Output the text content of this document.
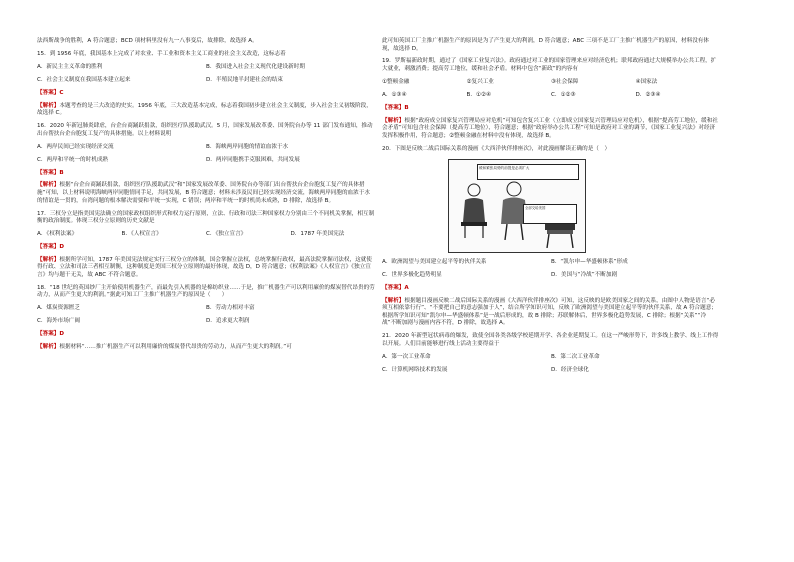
法西斯战争的胜利，A 符合题意；BCD 项材料里没有九一八事变后，故排除，故选择 A。

15．到 1956 年底，我国基本上完成了对农业、手工业和资本主义工商业的社会主义改造，这标志着

A．新民主主义革命的胜利	B．我国进入社会主义现代化建设新时期
C．社会主义制度在我国基本建立起来	D．半殖民地半封建社会的结束

【答案】C

【解析】本题考查的是三大改造的史实。1956 年底，三大改造基本完成，标志着我国初步建立社会主义制度，步入社会主义初级阶段，故选择 C。

16．2020 年新冠肺炎肆虐，台企台商踊跃捐款，组织医疗队援助武汉。5 月，国家发展改革委、国务院台办等 11 部门发布通知，推动出台帮扶台企台胞复工复产的具体措施。以上材料说明

A．两岸民间已经实现经济交流	B．海峡两岸同胞的情谊血浓于水
C．两岸和平统一的时机成熟	D．两岸同胞携手克服困难，共同发展

【答案】B

【解析】根据“台企台商踊跃捐款，组织医疗队援助武汉”和“国家发展改革委、国务院台办等部门出台帮扶台企台胞复工复产的具体措施”可知，以上材料说明海峡两岸同胞情同手足，共同发展，B 符合题意；材料未涉及民间已经实现经济交流，海峡两岸同胞的血浓于水的情谊是一贯的，台湾问题的根本解决需要和平统一实现，C 错误；两岸和平统一的时机尚未成熟，D 排除，故选择 B。

17．三权分立是指美国宪法确立的国家政权组织形式和权力运行原则，立法、行政和司法三种国家权力分别由三个不同机关掌握，相互制衡的政治制度。体现三权分立原则的历史文献是

A．《权利法案》	B．《人权宣言》	C．《独立宣言》	D．1787 年美国宪法

【答案】D

【解析】根据所学可知，1787 年美国宪法规定实行三权分立的体制，国会掌握立法权，总统掌握行政权，最高法院掌握司法权，这就使得行政、立法和司法三者相互制衡，这种制度是美国三权分立原则的最好体现，故选 D，D 符合题意；《权利法案》《人权宣言》《独立宣言》均与题干无关，故 ABC 不符合题意。

18．“18 世纪的英国纱厂主开始使用机器生产，而最先引入机器的是棉纺织业……于是，推广机器生产可以利用廉价的煤炭替代昂贵的劳动力，从而产生更大的利润。”据此可知工厂主推广机器生产的原因是（　　）

A．煤炭资源匮乏	B．劳动力相对丰富
C．海外市场广阔	D．追求更大利润

【答案】D

【解析】根据材料“……推广机器生产可以利用廉价的煤炭替代昂贵的劳动力，从而产生更大的利润。”可

此可知英国工厂主推广机器生产的原因是为了产生更大的利润，D 符合题意；ABC 三项不是工厂主推广机器生产的原因，材料没有体现，故选择 D。

19．罗斯福新政时期，通过了《国家工业复兴法》。政府通过对工业的国家管理来应对经济危机；联邦政府通过大规模举办公共工程，扩大就业，刺激消费；提高劳工地位，缓和社会矛盾。材料中包含“新政”的内容有

①整顿金融	②复兴工业	③社会保障	④国家法
A．①③④	B．①②④	C．①②③	D．②③④

【答案】B

【解析】根据“政府成立国家复兴管理局应对危机”可知包含复兴工业（立即成立国家复兴管理局应对危机），根据“提高劳工地位，缓和社会矛盾”可知包含社会保障（提高劳工地位），符合题意；根据“政府举办公共工程”可知是政府对工业的调节，《国家工业复兴法》对经济发挥积极作用，符合题意；②整顿金融在材料中没有体现，故选择 B。

20．下图是反映二战后国际关系的漫画《大西洋伙伴排座次》，对此漫画解读正确的是（　）

缓和紧张局势的前提是必须扩大
全部交给美国
A．欧洲渴望与美国建立起平等的伙伴关系	B．“凯尔申—华盛顿体系”形成
C．世界多极化趋势明显	D．美国与“冷战”不断加剧

【答案】A

【解析】根据题目漫画反映二战后国际关系的漫画《大西洋伙伴排座次》可知，这反映的是欧美国家之间的关系，由图中人物是语言“必须互相依靠行行”、“不要把自己的意志强加于人”，结合所学知识可知，反映了欧洲渴望与美国建立起平等的伙伴关系，故 A 符合题意；根据所学知识可知“凯尔申—华盛顿体系”是一战后形成的，故 B 排除；苏联解体后，世界多极化趋势发展，C 排除；根据“关系”“冷战”不断加剧与漫画内容不符，D 排除，故选择 A。

21．2020 年新型冠状病毒的爆发，致使全国各类各级学校延期开学、各企业延期复工。在这一严峻形势下，许多线上教学、线上工作得以开展。人们目前能够进行线上活动主要得益于

A．第一次工业革命	B．第二次工业革命
C．计算机网络技术的发展	D．经济全球化
